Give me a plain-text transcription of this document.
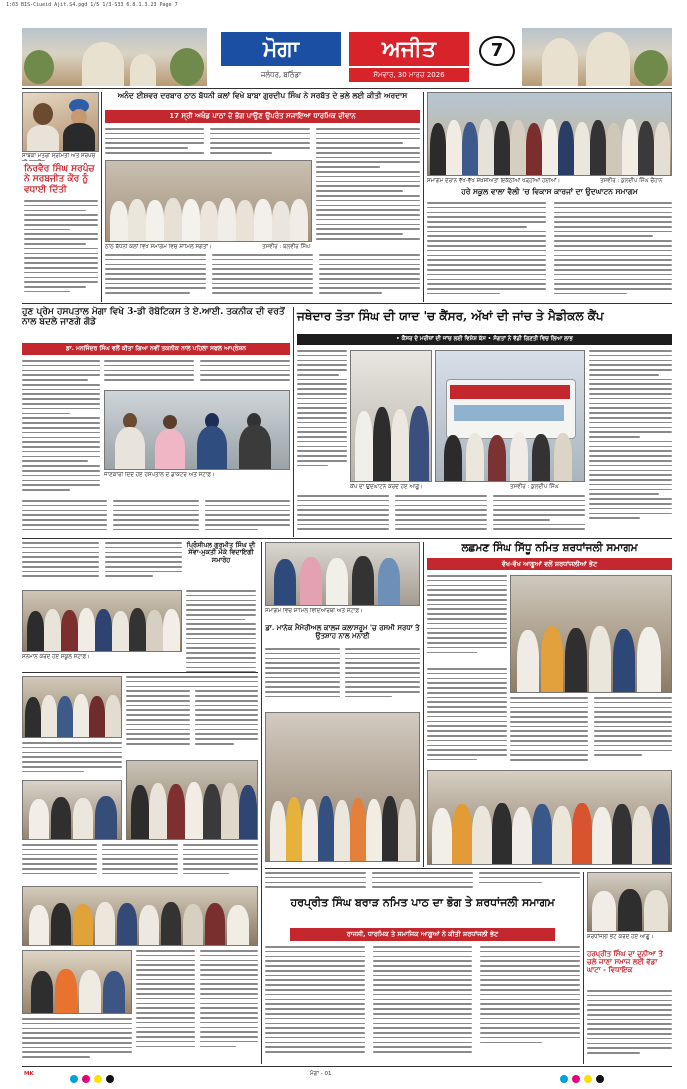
1:03 BIS-Ciueid Ajit.S4.pgd 1/5 1/3-S33 6.8.1.3.23 Page 7
ਮੋਗਾ	ਅਜੀਤ	7
ਜਲੰਧਰ, ਬਠਿੰਡਾ	ਸੋਮਵਾਰ, 30 ਮਾਰਚ 2026
ਸਾਬਕਾ ਮੰਤਰੀ ਸ੍ਰੀਮਤੀ ਅਤੇ ਸਰਪੰਚ
ਨਿਰਵੈਰ ਸਿੰਘ ਸਰਪੰਚ ਨੇ ਸਰਬਜੀਤ ਕੌਰ ਨੂੰ ਵਧਾਈ ਦਿੱਤੀ
ਅਨੰਦ ਈਸ਼ਵਰ ਦਰਬਾਰ ਠਾਠ ਬੱਧਨੀ ਕਲਾਂ ਵਿਖੇ ਬਾਬਾ ਗੁਰਦੀਪ ਸਿੰਘ ਨੇ ਸਰਬੱਤ ਦੇ ਭਲੇ ਲਈ ਕੀਤੀ ਅਰਦਾਸ
17 ਸ੍ਰੀ ਅਖੰਡ ਪਾਠਾਂ ਦੇ ਭੋਗ ਪਾਉਣ ਉਪਰੰਤ ਸਜਾਇਆ ਧਾਰਮਿਕ ਦੀਵਾਨ
ਠਾਠ ਬੱਧਨੀ ਕਲਾਂ ਵਿਖੇ ਸਮਾਗਮ ਵਿਚ ਸ਼ਾਮਿਲ ਸੰਗਤਾਂ।	ਤਸਵੀਰ : ਬਲਵੀਰ ਸਿੰਘ
ਸਮਾਗਮ ਦੌਰਾਨ ਵੱਖ-ਵੱਖ ਸ਼ਖ਼ਸੀਅਤਾਂ ਇਕੱਠੀਆਂ ਖੜ੍ਹੀਆਂ ਹੋਈਆਂ।	ਤਸਵੀਰ : ਕੁਲਦੀਪ ਸਿੰਘ ਚੌਹਾਨ
ਹਰੇ ਸਕੂਲ ਵਾਲਾ ਵੈਲੀ 'ਚ ਵਿਕਾਸ ਕਾਰਜਾਂ ਦਾ ਉਦਘਾਟਨ ਸਮਾਗਮ
ਹੁਣ ਪ੍ਰੇਮ ਹਸਪਤਾਲ ਮੋਗਾ ਵਿਖੇ 3-ਡੀ ਰੋਬੋਟਿਕਸ ਤੇ ਏ.ਆਈ. ਤਕਨੀਕ ਦੀ ਵਰਤੋਂ ਨਾਲ ਬਦਲੇ ਜਾਣਗੇ ਗੋਡੇ
ਡਾ. ਮਨਜਿੰਦਰ ਸਿੰਘ ਵਲੋਂ ਕੀਤਾ ਗਿਆ ਨਵੀਂ ਤਕਨੀਕ ਨਾਲ ਪਹਿਲਾ ਸਫਲ ਆਪ੍ਰੇਸ਼ਨ
ਜਾਣਕਾਰੀ ਦਿੰਦੇ ਹੋਏ ਹਸਪਤਾਲ ਦੇ ਡਾਕਟਰ ਅਤੇ ਸਟਾਫ਼।
ਜਥੇਦਾਰ ਤੋਤਾ ਸਿੰਘ ਦੀ ਯਾਦ 'ਚ ਕੈਂਸਰ, ਅੱਖਾਂ ਦੀ ਜਾਂਚ ਤੇ ਮੈਡੀਕਲ ਕੈਂਪ
• ਕੈਂਸਰ ਦੇ ਮਰੀਜ਼ਾਂ ਦੀ ਜਾਂਚ ਲਈ ਵਿਸ਼ੇਸ਼ ਬੱਸ • ਸੰਗਤਾਂ ਨੇ ਵੱਡੀ ਗਿਣਤੀ ਵਿਚ ਲਿਆ ਲਾਭ
ਕੈਂਪ ਦਾ ਉਦਘਾਟਨ ਕਰਦੇ ਹੋਏ ਆਗੂ।	ਤਸਵੀਰ : ਕੁਲਦੀਪ ਸਿੰਘ
ਪ੍ਰਿੰਸੀਪਲ ਗੁਰਮੀਤ ਸਿੰਘ ਦੀ ਸੇਵਾ-ਮੁਕਤੀ ਮੌਕੇ ਵਿਦਾਇਗੀ ਸਮਾਰੋਹ
ਸਨਮਾਨ ਕਰਦੇ ਹੋਏ ਸਕੂਲ ਸਟਾਫ਼।
ਸਮਾਗਮ ਵਿਚ ਸ਼ਾਮਿਲ ਵਿਦਿਆਰਥੀ ਅਤੇ ਸਟਾਫ਼।
ਡਾ. ਮਾਨੇਕ ਮੈਮੋਰੀਅਲ ਕਾਲਜ ਕਲਾਸਰੂਮ 'ਚ ਰਸਮੀ ਸਰਧਾ ਤੇ ਉਤਸ਼ਾਹ ਨਾਲ ਮਨਾਈ
ਲਛਮਣ ਸਿੰਘ ਸਿੱਧੂ ਨਮਿਤ ਸ਼ਰਧਾਂਜਲੀ ਸਮਾਗਮ
ਵੱਖ-ਵੱਖ ਆਗੂਆਂ ਵਲੋਂ ਸ਼ਰਧਾਂਜਲੀਆਂ ਭੇਟ
ਹਰਪ੍ਰੀਤ ਸਿੰਘ ਬਰਾੜ ਨਮਿਤ ਪਾਠ ਦਾ ਭੋਗ ਤੇ ਸ਼ਰਧਾਂਜਲੀ ਸਮਾਗਮ
ਰਾਜਸੀ, ਧਾਰਮਿਕ ਤੇ ਸਮਾਜਿਕ ਆਗੂਆਂ ਨੇ ਕੀਤੀ ਸ਼ਰਧਾਂਜਲੀ ਭੇਟ	ਸ਼ਰਧਾਂਜਲੀ ਭੇਟ ਕਰਦੇ ਹੋਏ ਆਗੂ।
ਹਰਪ੍ਰੀਤ ਸਿੰਘ ਦਾ ਦੁਨੀਆ ਤੋਂ ਚਲੇ ਜਾਣਾ ਸਮਾਜ ਲਈ ਵੱਡਾ ਘਾਟਾ - ਵਿਧਾਇਕ
MK	ਮੋਗਾ - 01
